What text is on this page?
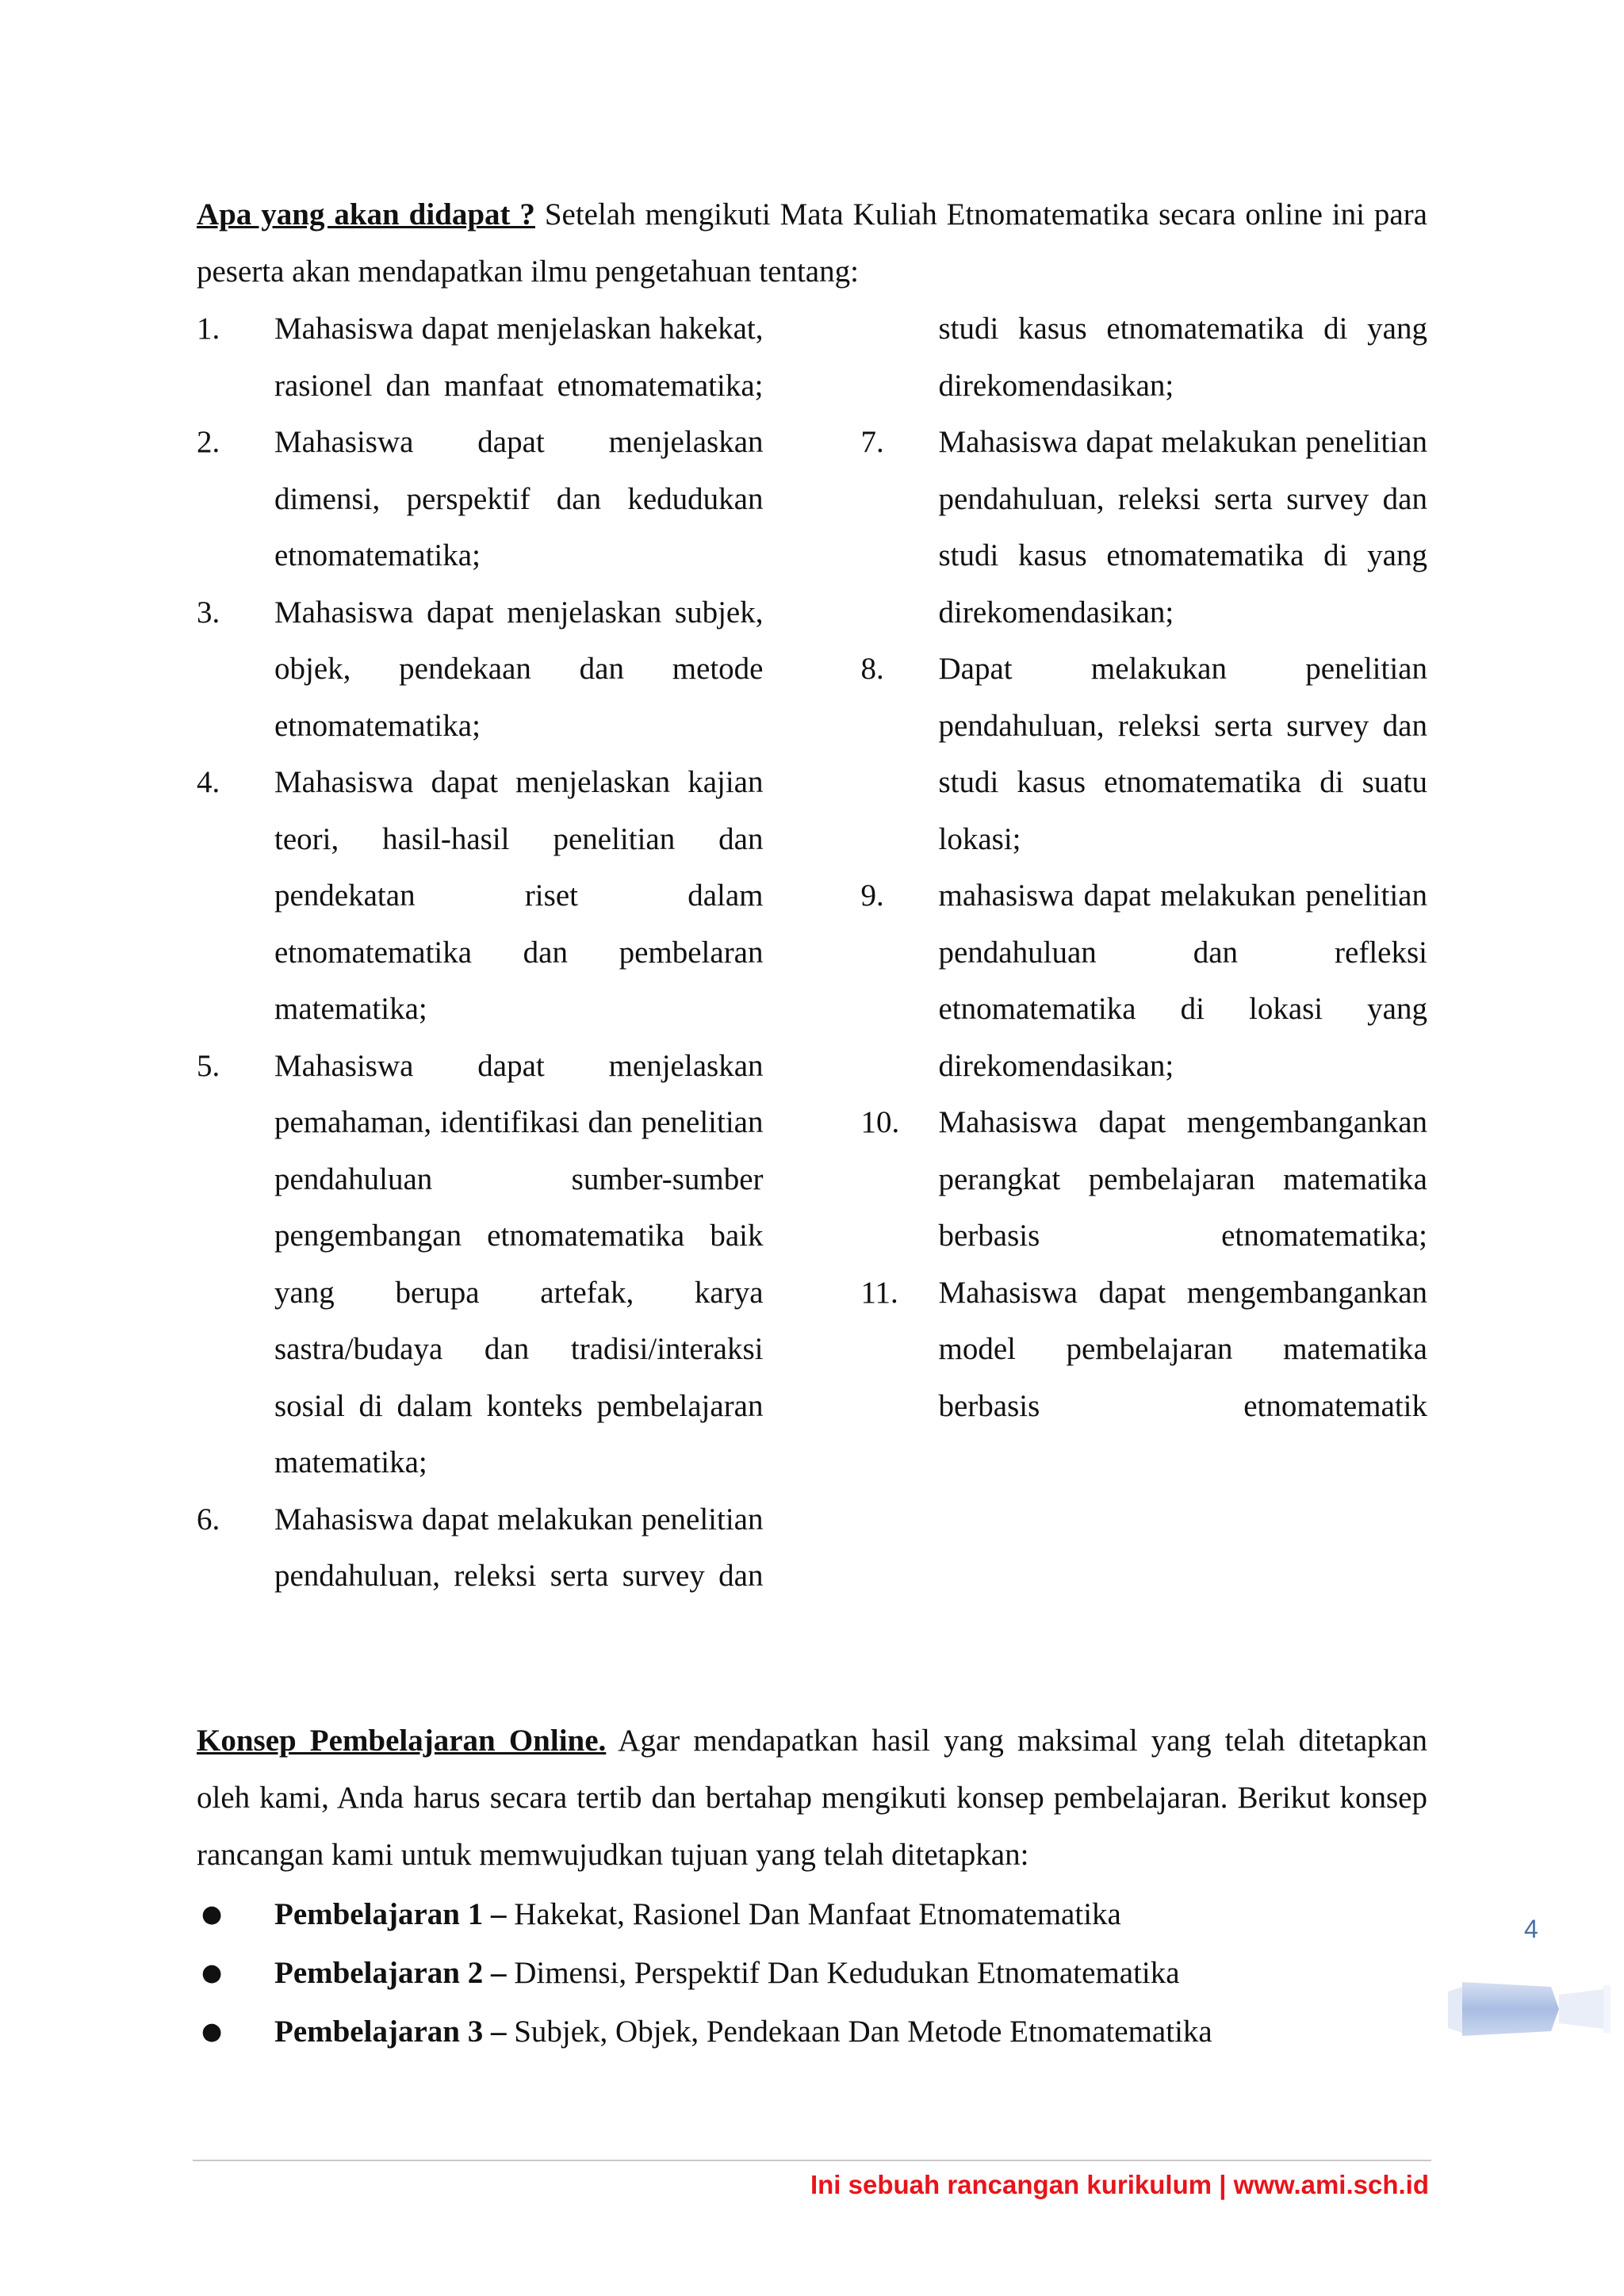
Apa yang akan didapat ? Setelah mengikuti Mata Kuliah Etnomatematika secara online ini para peserta akan mendapatkan ilmu pengetahuan tentang:

1. Mahasiswa dapat menjelaskan hakekat, rasionel dan manfaat etnomatematika;
2. Mahasiswa dapat menjelaskan dimensi, perspektif dan kedudukan etnomatematika;
3. Mahasiswa dapat menjelaskan subjek, objek, pendekaan dan metode etnomatematika;
4. Mahasiswa dapat menjelaskan kajian teori, hasil-hasil penelitian dan pendekatan riset dalam etnomatematika dan pembelaran matematika;
5. Mahasiswa dapat menjelaskan pemahaman, identifikasi dan penelitian pendahuluan sumber-sumber pengembangan etnomatematika baik yang berupa artefak, karya sastra/budaya dan tradisi/interaksi sosial di dalam konteks pembelajaran matematika;
6. Mahasiswa dapat melakukan penelitian pendahuluan, releksi serta survey dan studi kasus etnomatematika di yang direkomendasikan;
7. Mahasiswa dapat melakukan penelitian pendahuluan, releksi serta survey dan studi kasus etnomatematika di yang direkomendasikan;
8. Dapat melakukan penelitian pendahuluan, releksi serta survey dan studi kasus etnomatematika di suatu lokasi;
9. mahasiswa dapat melakukan penelitian pendahuluan dan refleksi etnomatematika di lokasi yang direkomendasikan;
10. Mahasiswa dapat mengembangankan perangkat pembelajaran matematika berbasis etnomatematika;
11. Mahasiswa dapat mengembangankan model pembelajaran matematika berbasis etnomatematik

Konsep Pembelajaran Online. Agar mendapatkan hasil yang maksimal yang telah ditetapkan oleh kami, Anda harus secara tertib dan bertahap mengikuti konsep pembelajaran. Berikut konsep rancangan kami untuk memwujudkan tujuan yang telah ditetapkan:

● Pembelajaran 1 – Hakekat, Rasionel Dan Manfaat Etnomatematika
● Pembelajaran 2 – Dimensi, Perspektif Dan Kedudukan Etnomatematika
● Pembelajaran 3 – Subjek, Objek, Pendekaan Dan Metode Etnomatematika
4
Ini sebuah rancangan kurikulum | www.ami.sch.id
